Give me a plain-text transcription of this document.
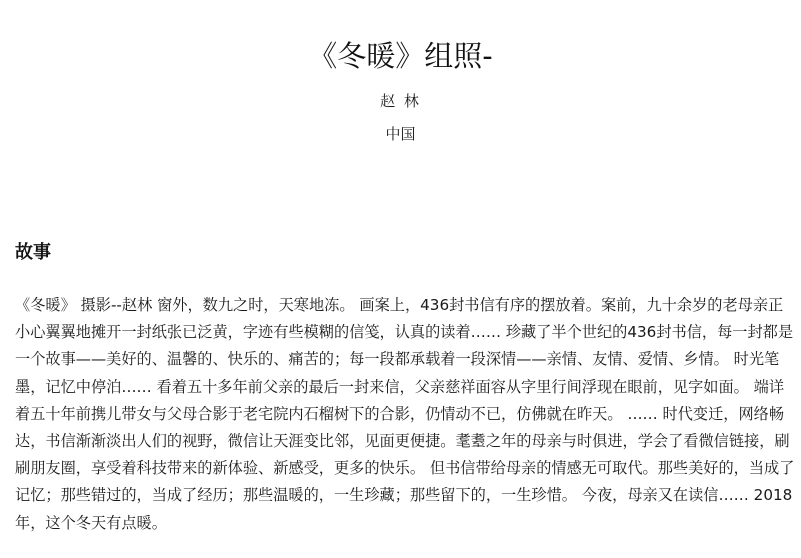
《冬暖》组照-
赵 林
中国
故事
《冬暖》 摄影--赵林 窗外，数九之时，天寒地冻。 画案上，436封书信有序的摆放着。案前，九十余岁的老母亲正小心翼翼地摊开一封纸张已泛黄，字迹有些模糊的信笺，认真的读着…… 珍藏了半个世纪的436封书信，每一封都是一个故事——美好的、温馨的、快乐的、痛苦的；每一段都承载着一段深情——亲情、友情、爱情、乡情。 时光笔墨，记忆中停泊…… 看着五十多年前父亲的最后一封来信，父亲慈祥面容从字里行间浮现在眼前，见字如面。 端详着五十年前携儿带女与父母合影于老宅院内石榴树下的合影，仍情动不已，仿佛就在昨天。 …… 时代变迁，网络畅达，书信渐渐淡出人们的视野，微信让天涯变比邻，见面更便捷。耄耋之年的母亲与时俱进，学会了看微信链接，刷刷朋友圈，享受着科技带来的新体验、新感受，更多的快乐。 但书信带给母亲的情感无可取代。那些美好的，当成了记忆；那些错过的，当成了经历；那些温暖的，一生珍藏；那些留下的，一生珍惜。 今夜，母亲又在读信…… 2018年，这个冬天有点暖。
